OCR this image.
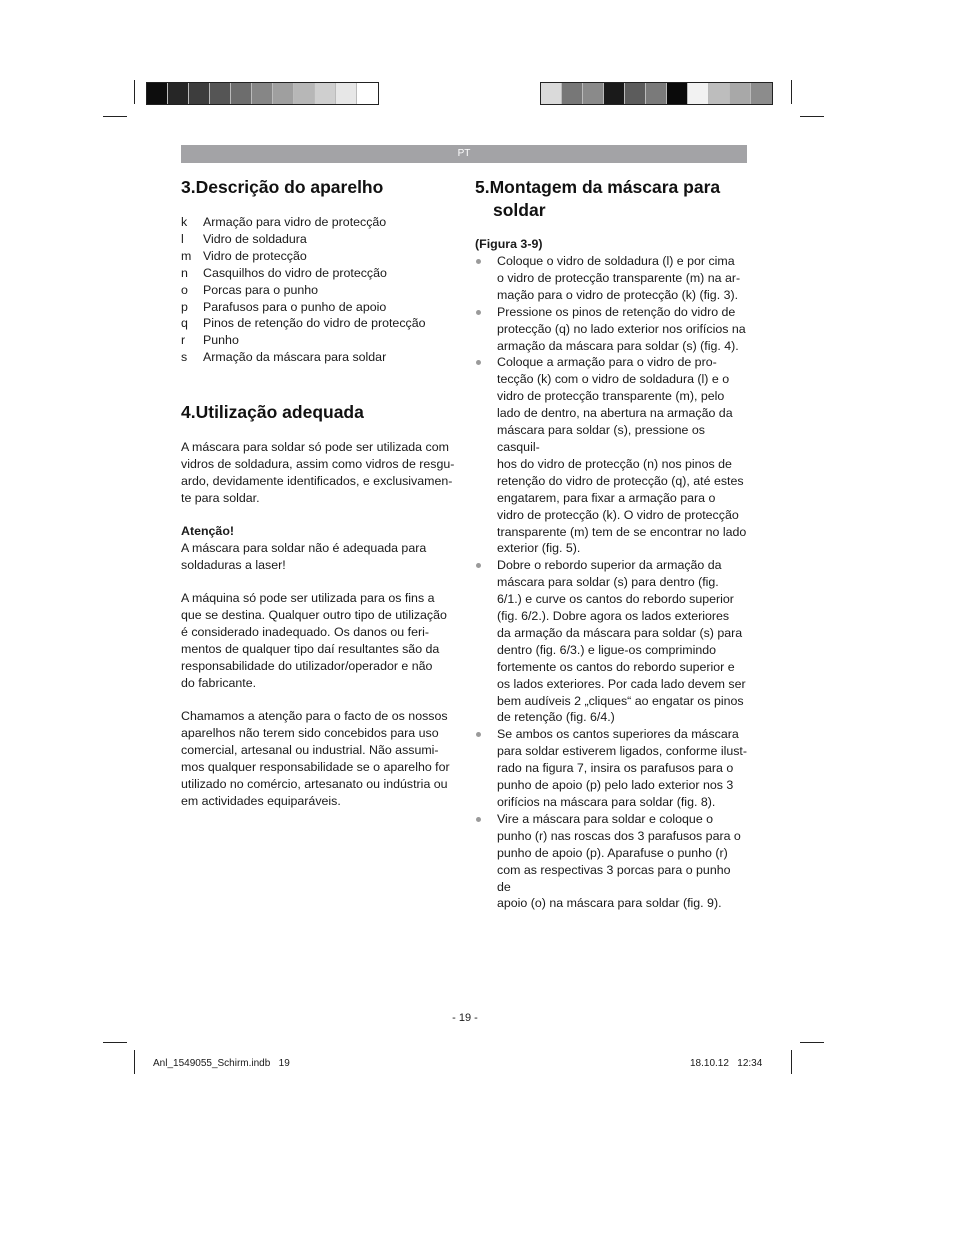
PT
3.Descrição do aparelho
k	Armação para vidro de protecção
l	Vidro de soldadura
m Vidro de protecção
n	Casquilhos do vidro de protecção
o	Porcas para o punho
p	Parafusos para o punho de apoio
q	Pinos de retenção do vidro de protecção
r	Punho
s	Armação da máscara para soldar
4.Utilização adequada
A máscara para soldar só pode ser utilizada com
vidros de soldadura, assim como vidros de resgu-
ardo, devidamente identificados, e exclusivamen-
te para soldar.

Atenção!

A máscara para soldar não é adequada para
soldaduras a laser!
A máquina só pode ser utilizada para os fins a
que se destina. Qualquer outro tipo de utilização
é considerado inadequado. Os danos ou feri-
mentos de qualquer tipo daí resultantes são da
responsabilidade do utilizador/operador e não
do fabricante.
Chamamos a atenção para o facto de os nossos
aparelhos não terem sido concebidos para uso
comercial, artesanal ou industrial. Não assumi-
mos qualquer responsabilidade se o aparelho for
utilizado no comércio, artesanato ou indústria ou
em actividades equiparáveis.
5.Montagem da máscara para
soldar
(Figura 3-9)
Coloque o vidro de soldadura (l) e por cima
o vidro de protecção transparente (m) na ar-
mação para o vidro de protecção (k) (fig. 3).
Pressione os pinos de retenção do vidro de
protecção (q) no lado exterior nos orifícios na
armação da máscara para soldar (s) (fig. 4).
Coloque a armação para o vidro de pro-
tecção (k) com o vidro de soldadura (l) e o
vidro de protecção transparente (m), pelo
lado de dentro, na abertura na armação da
máscara para soldar (s), pressione os casquil-
hos do vidro de protecção (n) nos pinos de
retenção do vidro de protecção (q), até estes
engatarem, para fixar a armação para o
vidro de protecção (k). O vidro de protecção
transparente (m) tem de se encontrar no lado
exterior (fig. 5).
Dobre o rebordo superior da armação da
máscara para soldar (s) para dentro (fig.
6/1.) e curve os cantos do rebordo superior
(fig. 6/2.). Dobre agora os lados exteriores
da armação da máscara para soldar (s) para
dentro (fig. 6/3.) e ligue-os comprimindo
fortemente os cantos do rebordo superior e
os lados exteriores. Por cada lado devem ser
bem audíveis 2 „cliques“ ao engatar os pinos
de retenção (fig. 6/4.)
Se ambos os cantos superiores da máscara
para soldar estiverem ligados, conforme ilust-
rado na figura 7, insira os parafusos para o
punho de apoio (p) pelo lado exterior nos 3
orifícios na máscara para soldar (fig. 8).
Vire a máscara para soldar e coloque o
punho (r) nas roscas dos 3 parafusos para o
punho de apoio (p). Aparafuse o punho (r)
com as respectivas 3 porcas para o punho de
apoio (o) na máscara para soldar (fig. 9).
- 19 -
Anl_1549055_Schirm.indb   19	18.10.12   12:34
